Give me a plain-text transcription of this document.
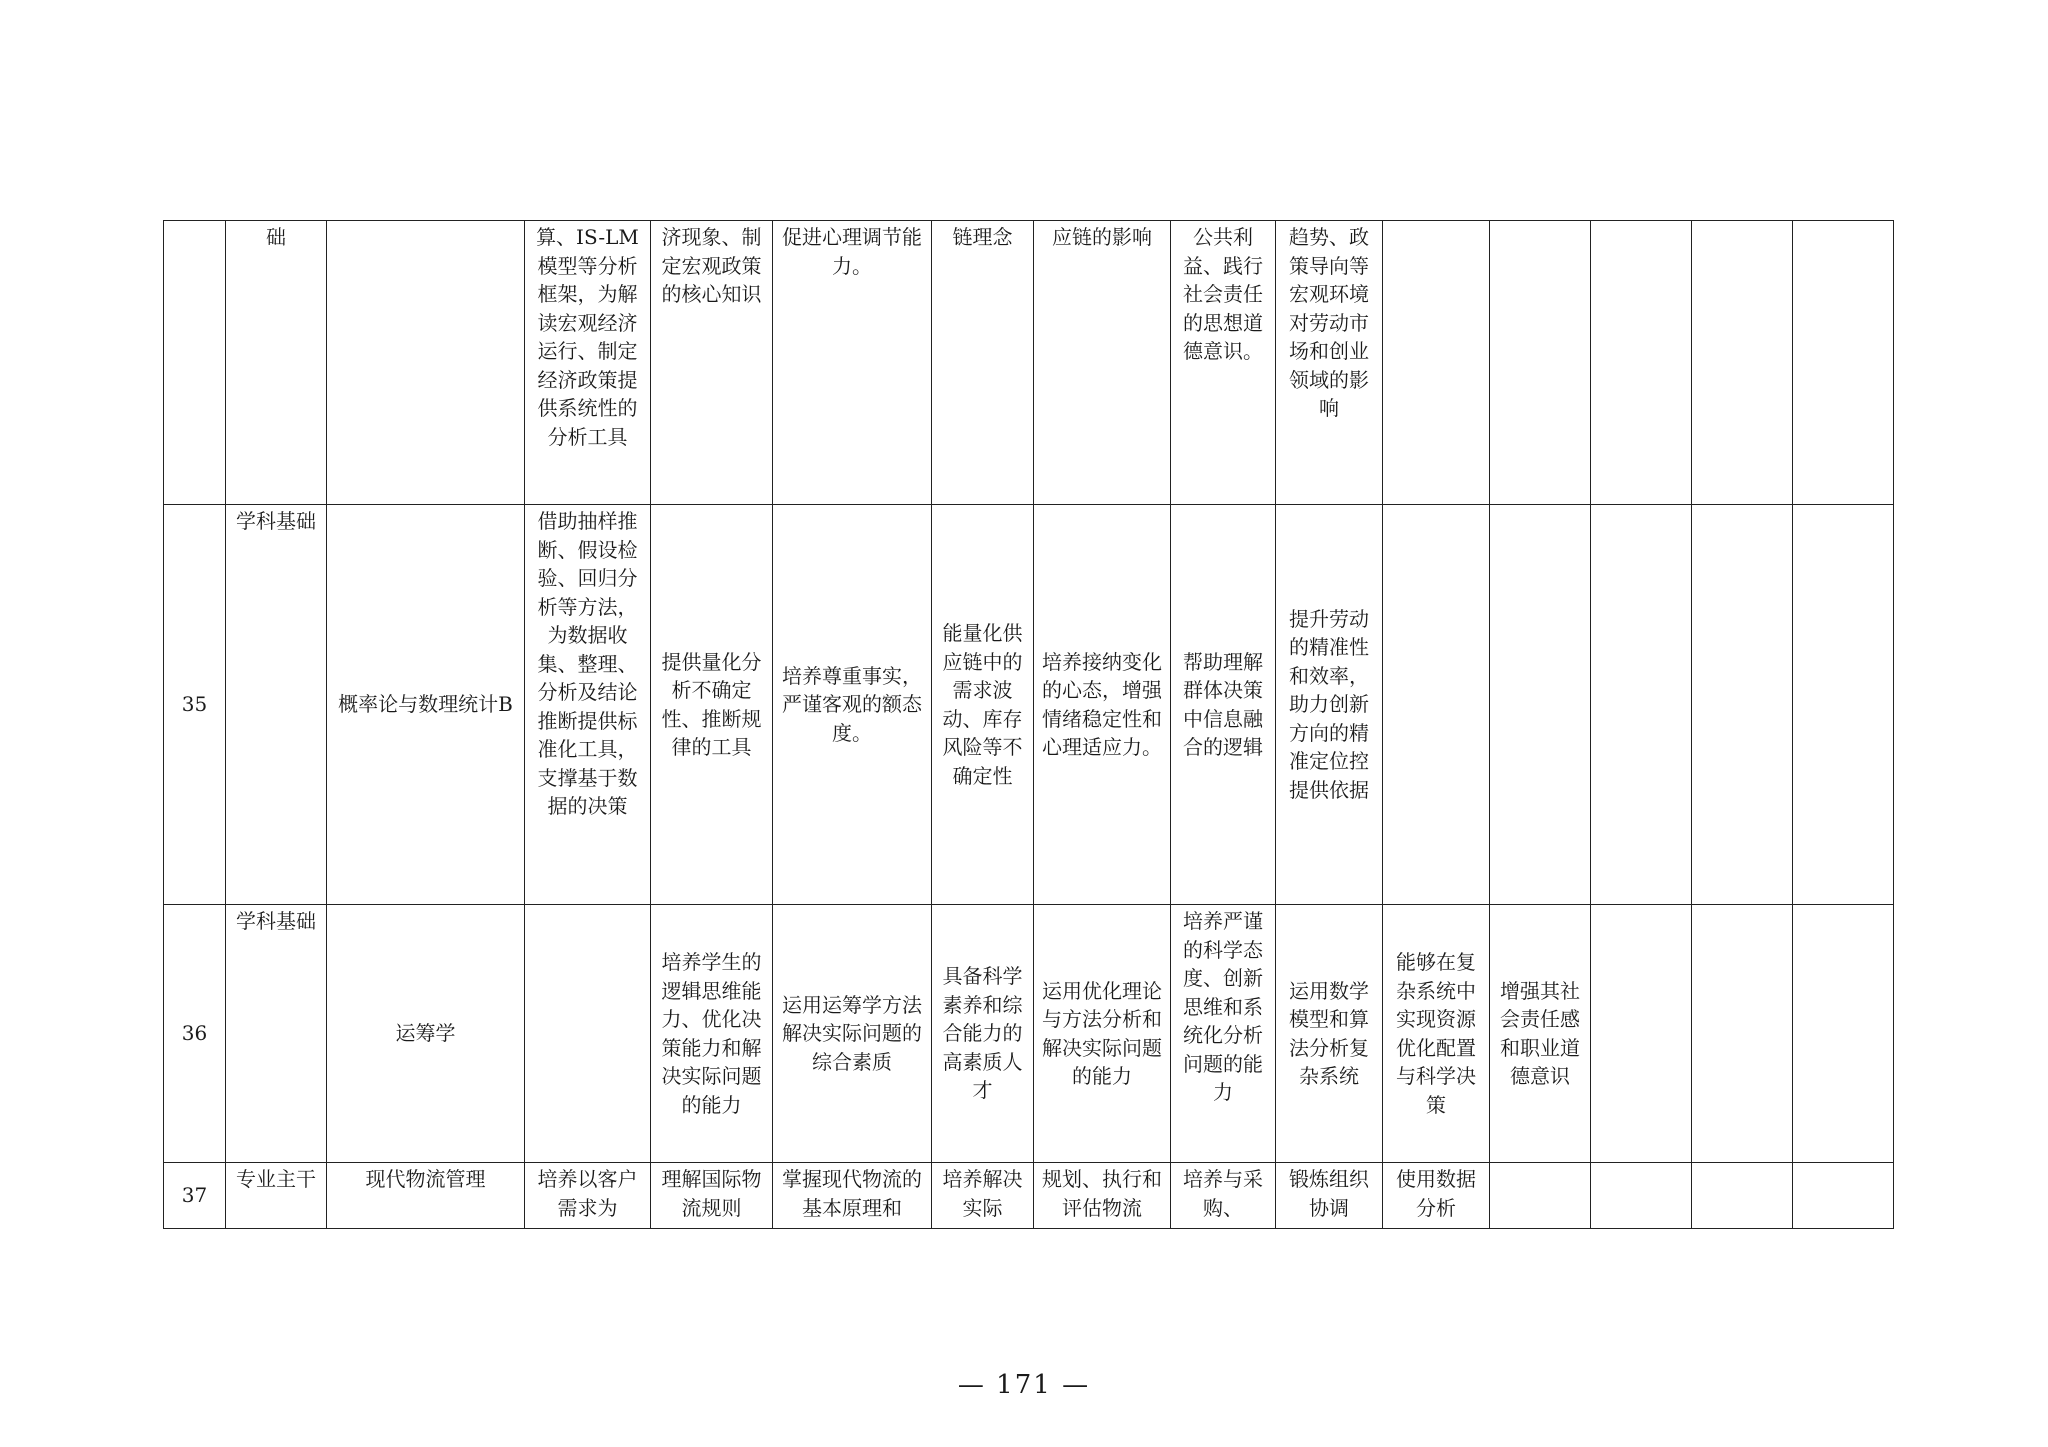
	础		算、IS-LM模型等分析框架，为解读宏观经济运行、制定经济政策提供系统性的分析工具	济现象、制定宏观政策的核心知识	促进心理调节能力。	链理念	应链的影响	公共利益、践行社会责任的思想道德意识。	趋势、政策导向等宏观环境对劳动市场和创业领域的影响					
35	学科基础	概率论与数理统计B	借助抽样推断、假设检验、回归分析等方法，为数据收集、整理、分析及结论推断提供标准化工具，支撑基于数据的决策	提供量化分析不确定性、推断规律的工具	培养尊重事实，严谨客观的额态度。	能量化供应链中的需求波动、库存风险等不确定性	培养接纳变化的心态，增强情绪稳定性和心理适应力。	帮助理解群体决策中信息融合的逻辑	提升劳动的精准性和效率，助力创新方向的精准定位控提供依据					
36	学科基础	运筹学		培养学生的逻辑思维能力、优化决策能力和解决实际问题的能力	运用运筹学方法解决实际问题的综合素质	具备科学素养和综合能力的高素质人才	运用优化理论与方法分析和解决实际问题的能力	培养严谨的科学态度、创新思维和系统化分析问题的能力	运用数学模型和算法分析复杂系统	能够在复杂系统中实现资源优化配置与科学决策	增强其社会责任感和职业道德意识			
37	专业主干	现代物流管理	培养以客户需求为	理解国际物流规则	掌握现代物流的基本原理和	培养解决实际	规划、执行和评估物流	培养与采购、	锻炼组织协调	使用数据分析				
— 171 —
